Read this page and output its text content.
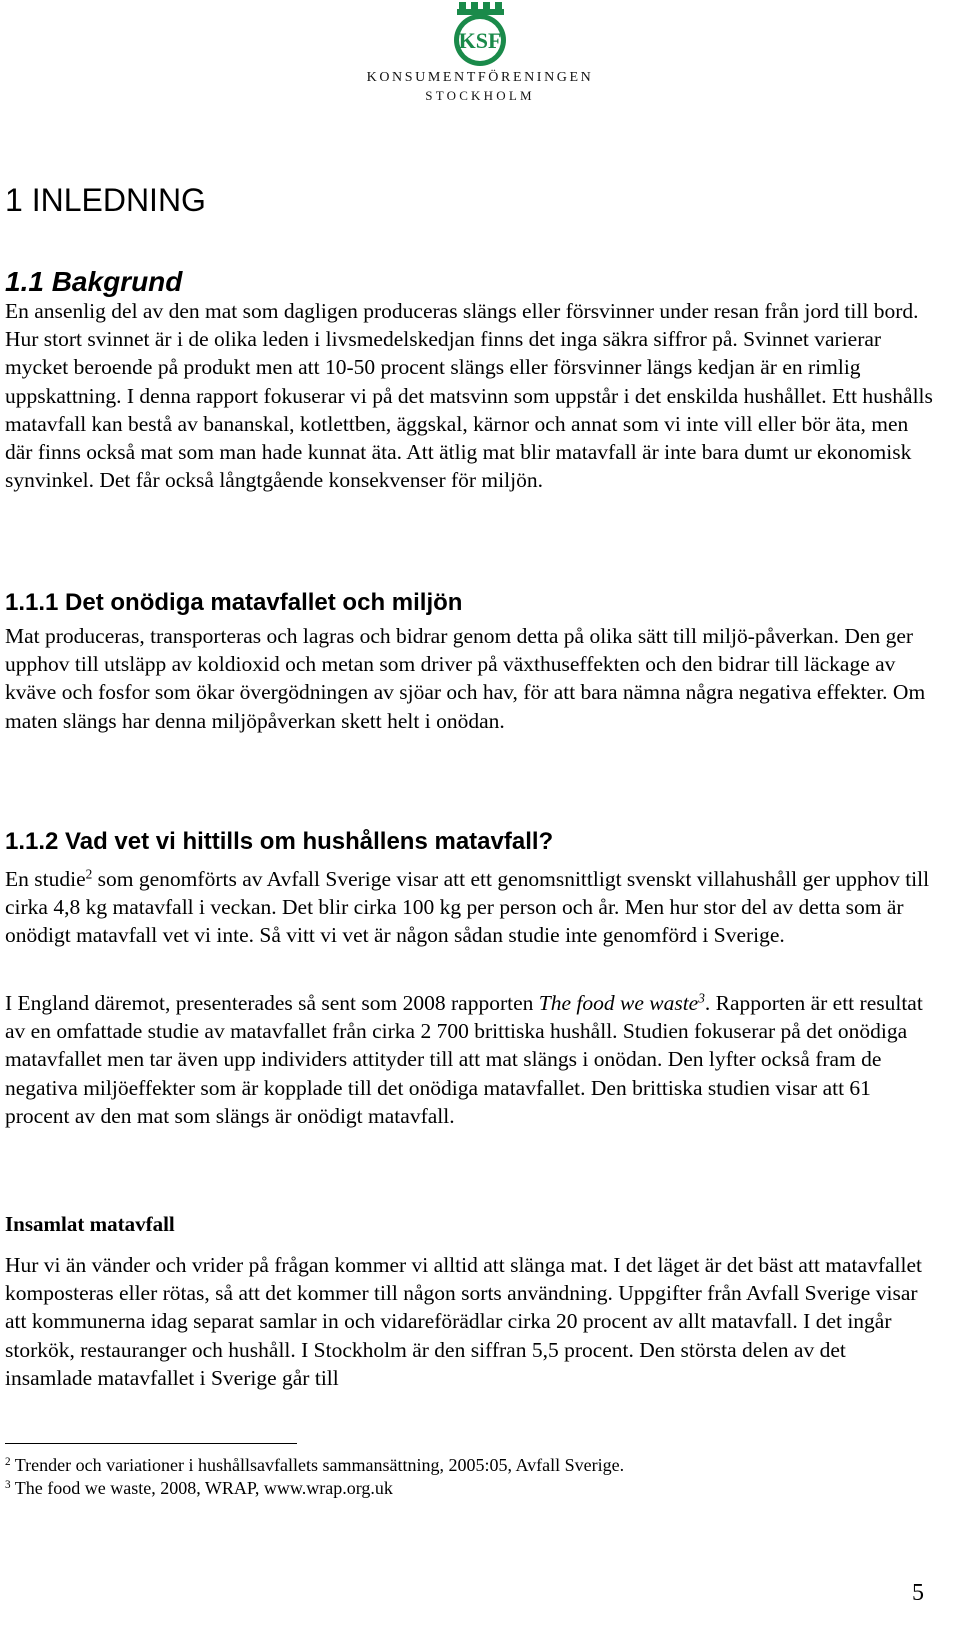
KSF
KONSUMENTFÖRENINGEN
STOCKHOLM
1 INLEDNING
1.1 Bakgrund

En ansenlig del av den mat som dagligen produceras slängs eller försvinner under resan från jord till bord. Hur stort svinnet är i de olika leden i livsmedelskedjan finns det inga säkra siffror på. Svinnet varierar mycket beroende på produkt men att 10-50 procent slängs eller försvinner längs kedjan är en rimlig uppskattning. I denna rapport fokuserar vi på det matsvinn som uppstår i det enskilda hushållet. Ett hushålls matavfall kan bestå av bananskal, kotlettben, äggskal, kärnor och annat som vi inte vill eller bör äta, men där finns också mat som man hade kunnat äta. Att ätlig mat blir matavfall är inte bara dumt ur ekonomisk synvinkel. Det får också långtgående konsekvenser för miljön.

1.1.1 Det onödiga matavfallet och miljön

Mat produceras, transporteras och lagras och bidrar genom detta på olika sätt till miljö-påverkan. Den ger upphov till utsläpp av koldioxid och metan som driver på växthuseffekten och den bidrar till läckage av kväve och fosfor som ökar övergödningen av sjöar och hav, för att bara nämna några negativa effekter. Om maten slängs har denna miljöpåverkan skett helt i onödan.

1.1.2 Vad vet vi hittills om hushållens matavfall?

En studie$^2$ som genomförts av Avfall Sverige visar att ett genomsnittligt svenskt villahushåll ger upphov till cirka 4,8 kg matavfall i veckan. Det blir cirka 100 kg per person och år. Men hur stor del av detta som är onödigt matavfall vet vi inte. Så vitt vi vet är någon sådan studie inte genomförd i Sverige.

I England däremot, presenterades så sent som 2008 rapporten The food we waste$^3$. Rapporten är ett resultat av en omfattade studie av matavfallet från cirka 2 700 brittiska hushåll. Studien fokuserar på det onödiga matavfallet men tar även upp individers attityder till att mat slängs i onödan. Den lyfter också fram de negativa miljöeffekter som är kopplade till det onödiga matavfallet. Den brittiska studien visar att 61 procent av den mat som slängs är onödigt matavfall.

Insamlat matavfall

Hur vi än vänder och vrider på frågan kommer vi alltid att slänga mat. I det läget är det bäst att matavfallet komposteras eller rötas, så att det kommer till någon sorts användning. Uppgifter från Avfall Sverige visar att kommunerna idag separat samlar in och vidareförädlar cirka 20 procent av allt matavfall. I det ingår storkök, restauranger och hushåll. I Stockholm är den siffran 5,5 procent. Den största delen av det insamlade matavfallet i Sverige går till

$^2$ Trender och variationer i hushållsavfallets sammansättning, 2005:05, Avfall Sverige.

$^3$ The food we waste, 2008, WRAP, www.wrap.org.uk

5
